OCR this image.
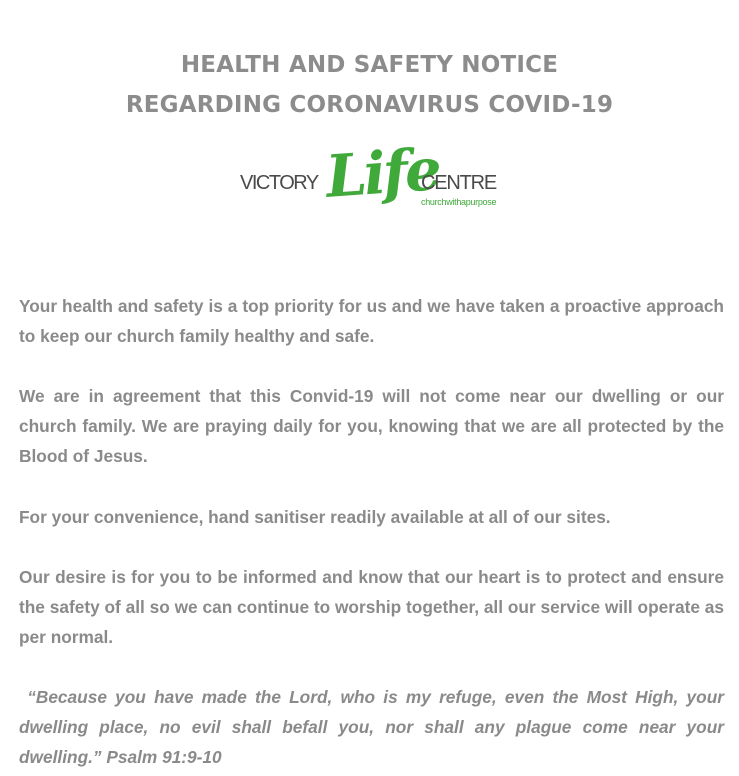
HEALTH AND SAFETY NOTICE
REGARDING CORONAVIRUS COVID-19
VICTORY Life
CENTRE
churchwithapurpose

Your health and safety is a top priority for us and we have taken a proactive approach to keep our church family healthy and safe.

We are in agreement that this Convid-19 will not come near our dwelling or our church family. We are praying daily for you, knowing that we are all protected by the Blood of Jesus.

For your convenience, hand sanitiser readily available at all of our sites.

Our desire is for you to be informed and know that our heart is to protect and ensure the safety of all so we can continue to worship together, all our service will operate as per normal.

“Because you have made the Lord, who is my refuge, even the Most High, your dwelling place, no evil shall befall you, nor shall any plague come near your dwelling.” Psalm 91:9-10
